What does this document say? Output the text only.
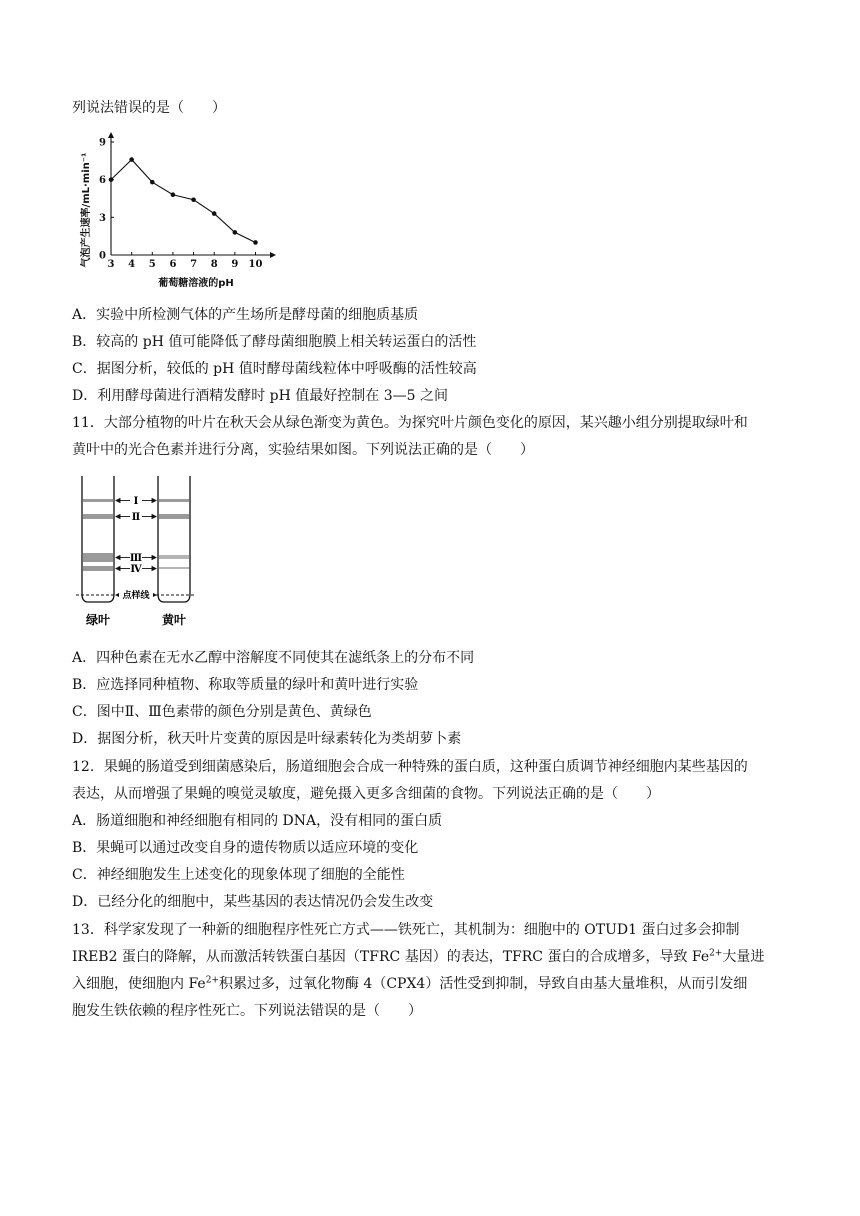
列说法错误的是（　　）
3 4 5 6 7 8 9 10
0
3
6
9
葡萄糖溶液的pH
气泡产生速率/mL·min⁻¹
A．实验中所检测气体的产生场所是酵母菌的细胞质基质
B．较高的 pH 值可能降低了酵母菌细胞膜上相关转运蛋白的活性
C．据图分析，较低的 pH 值时酵母菌线粒体中呼吸酶的活性较高
D．利用酵母菌进行酒精发酵时 pH 值最好控制在 3—5 之间
11．大部分植物的叶片在秋天会从绿色渐变为黄色。为探究叶片颜色变化的原因，某兴趣小组分别提取绿叶和
黄叶中的光合色素并进行分离，实验结果如图。下列说法正确的是（　　）
Ⅰ
Ⅱ
Ⅲ
Ⅳ
点样线
绿叶	黄叶
A．四种色素在无水乙醇中溶解度不同使其在滤纸条上的分布不同
B．应选择同种植物、称取等质量的绿叶和黄叶进行实验
C．图中Ⅱ、Ⅲ色素带的颜色分别是黄色、黄绿色
D．据图分析，秋天叶片变黄的原因是叶绿素转化为类胡萝卜素
12．果蝇的肠道受到细菌感染后，肠道细胞会合成一种特殊的蛋白质，这种蛋白质调节神经细胞内某些基因的
表达，从而增强了果蝇的嗅觉灵敏度，避免摄入更多含细菌的食物。下列说法正确的是（　　）
A．肠道细胞和神经细胞有相同的 DNA，没有相同的蛋白质
B．果蝇可以通过改变自身的遗传物质以适应环境的变化
C．神经细胞发生上述变化的现象体现了细胞的全能性
D．已经分化的细胞中，某些基因的表达情况仍会发生改变
13．科学家发现了一种新的细胞程序性死亡方式——铁死亡，其机制为：细胞中的 OTUD1 蛋白过多会抑制
IREB2 蛋白的降解，从而激活转铁蛋白基因（TFRC 基因）的表达，TFRC 蛋白的合成增多，导致 $Fe^{2+}$大量进
入细胞，使细胞内 $Fe^{2+}$积累过多，过氧化物酶 4（CPX4）活性受到抑制，导致自由基大量堆积，从而引发细
胞发生铁依赖的程序性死亡。下列说法错误的是（　　）
